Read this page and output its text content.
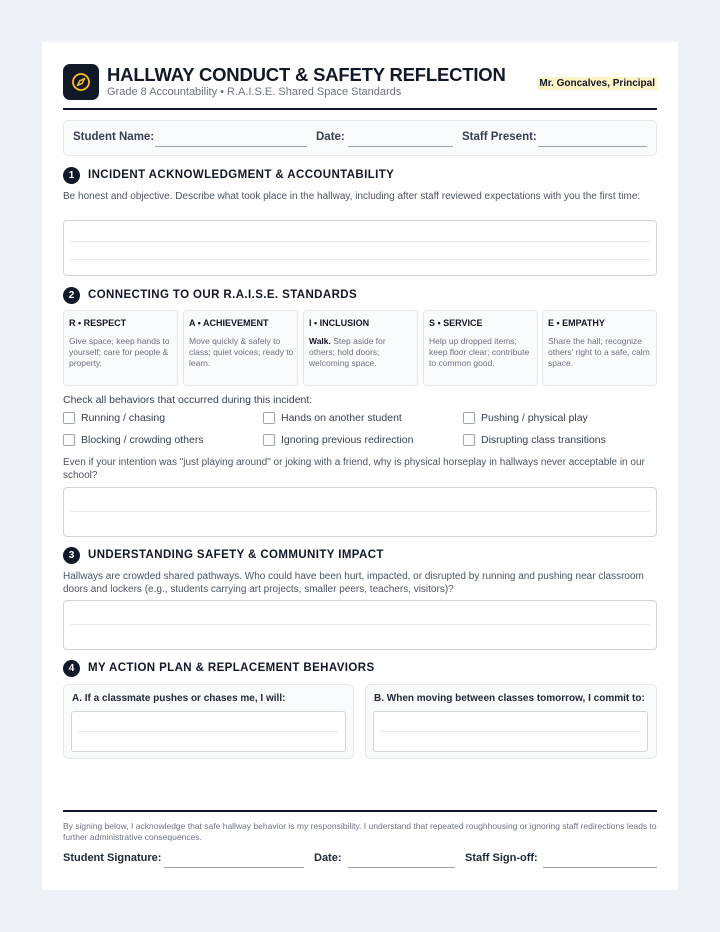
HALLWAY CONDUCT & SAFETY REFLECTION
Grade 8 Accountability • R.A.I.S.E. Shared Space Standards
Mr. Goncalves, Principal
Student Name:	Date:	Staff Present:
1	INCIDENT ACKNOWLEDGMENT & ACCOUNTABILITY
Be honest and objective. Describe what took place in the hallway, including after staff reviewed expectations with you the first time:
2	CONNECTING TO OUR R.A.I.S.E. STANDARDS
R • RESPECT
Give space; keep hands to yourself; care for people & property.
A • ACHIEVEMENT
Move quickly & safely to class; quiet voices; ready to learn.
I • INCLUSION
Walk. Step aside for others; hold doors; welcoming space.
S • SERVICE
Help up dropped items; keep floor clear; contribute to common good.
E • EMPATHY
Share the hall; recognize others' right to a safe, calm space.
Check all behaviors that occurred during this incident:
Running / chasing	Hands on another student	Pushing / physical play
Blocking / crowding others	Ignoring previous redirection	Disrupting class transitions
Even if your intention was "just playing around" or joking with a friend, why is physical horseplay in hallways never acceptable in our school?
3	UNDERSTANDING SAFETY & COMMUNITY IMPACT
Hallways are crowded shared pathways. Who could have been hurt, impacted, or disrupted by running and pushing near classroom doors and lockers (e.g., students carrying art projects, smaller peers, teachers, visitors)?
4	MY ACTION PLAN & REPLACEMENT BEHAVIORS
A. If a classmate pushes or chases me, I will:	B. When moving between classes tomorrow, I commit to:
By signing below, I acknowledge that safe hallway behavior is my responsibility. I understand that repeated roughhousing or ignoring staff redirections leads to further administrative consequences.
Student Signature:	Date:	Staff Sign-off:
